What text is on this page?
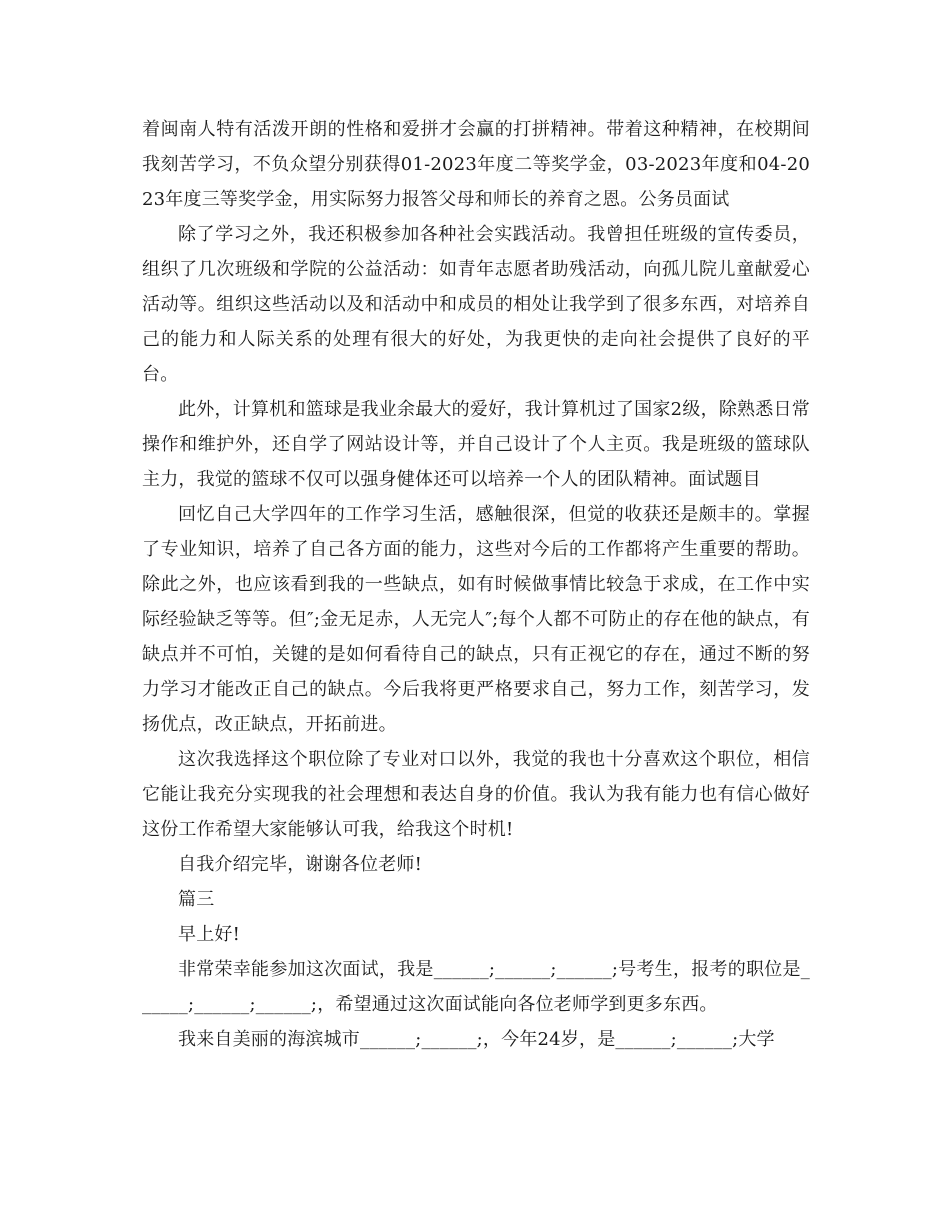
着闽南人特有活泼开朗的性格和爱拼才会赢的打拼精神。带着这种精神，在校期间我刻苦学习，不负众望分别获得01-2023年度二等奖学金，03-2023年度和04-2023年度三等奖学金，用实际努力报答父母和师长的养育之恩。公务员面试

除了学习之外，我还积极参加各种社会实践活动。我曾担任班级的宣传委员，组织了几次班级和学院的公益活动：如青年志愿者助残活动，向孤儿院儿童献爱心活动等。组织这些活动以及和活动中和成员的相处让我学到了很多东西，对培养自己的能力和人际关系的处理有很大的好处，为我更快的走向社会提供了良好的平台。

此外，计算机和篮球是我业余最大的爱好，我计算机过了国家2级，除熟悉日常操作和维护外，还自学了网站设计等，并自己设计了个人主页。我是班级的篮球队主力，我觉的篮球不仅可以强身健体还可以培养一个人的团队精神。面试题目

回忆自己大学四年的工作学习生活，感触很深，但觉的收获还是颇丰的。掌握了专业知识，培养了自己各方面的能力，这些对今后的工作都将产生重要的帮助。除此之外，也应该看到我的一些缺点，如有时候做事情比较急于求成，在工作中实际经验缺乏等等。但″;金无足赤，人无完人″;每个人都不可防止的存在他的缺点，有缺点并不可怕，关键的是如何看待自己的缺点，只有正视它的存在，通过不断的努力学习才能改正自己的缺点。今后我将更严格要求自己，努力工作，刻苦学习，发扬优点，改正缺点，开拓前进。

这次我选择这个职位除了专业对口以外，我觉的我也十分喜欢这个职位，相信它能让我充分实现我的社会理想和表达自身的价值。我认为我有能力也有信心做好这份工作希望大家能够认可我，给我这个时机!

自我介绍完毕，谢谢各位老师!

篇三

早上好!

非常荣幸能参加这次面试，我是______;______;______;号考生，报考的职位是______;______;______;，希望通过这次面试能向各位老师学到更多东西。

我来自美丽的海滨城市______;______;，今年24岁，是______;______;大学
